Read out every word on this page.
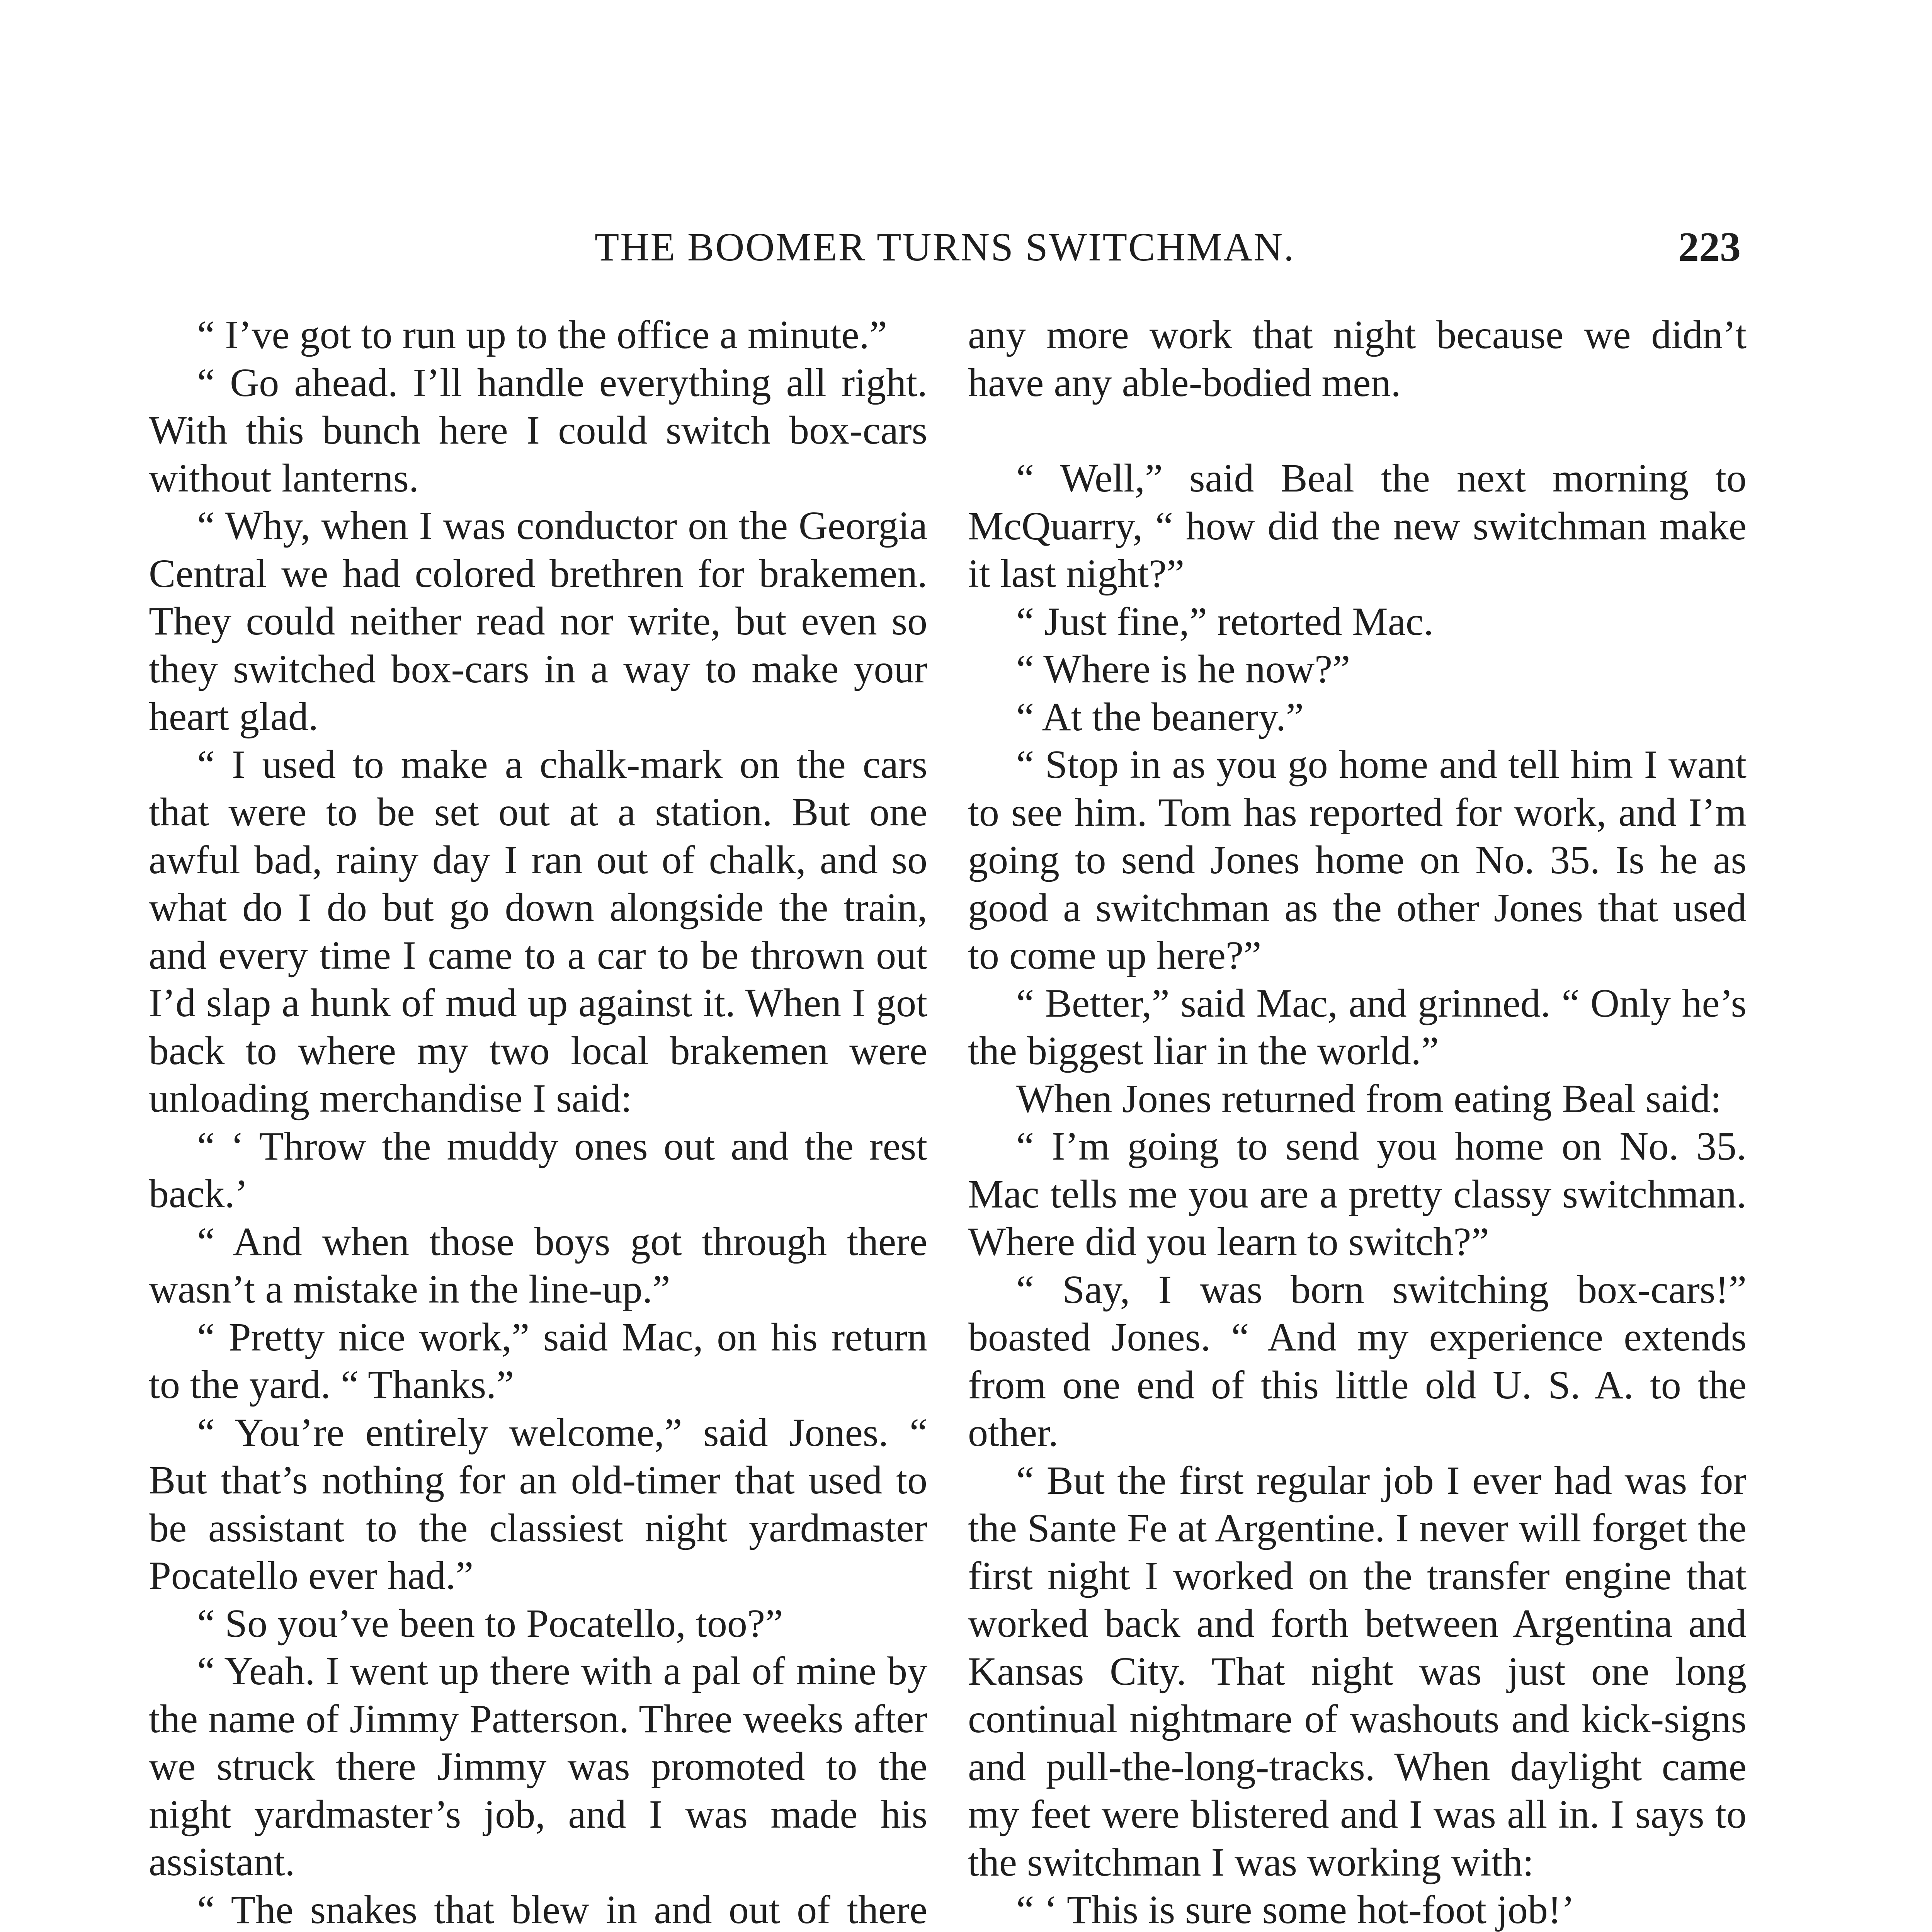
THE BOOMER TURNS SWITCHMAN.	223

“ I’ve got to run up to the office a minute.”

“ Go ahead. I’ll handle everything all right. With this bunch here I could switch box-cars without lanterns.

“ Why, when I was conductor on the Georgia Central we had colored brethren for brakemen. They could neither read nor write, but even so they switched box-cars in a way to make your heart glad.

“ I used to make a chalk-mark on the cars that were to be set out at a station. But one awful bad, rainy day I ran out of chalk, and so what do I do but go down alongside the train, and every time I came to a car to be thrown out I’d slap a hunk of mud up against it. When I got back to where my two local brakemen were unloading merchandise I said:

“ ‘ Throw the muddy ones out and the rest back.’

“ And when those boys got through there wasn’t a mistake in the line-up.”

“ Pretty nice work,” said Mac, on his return to the yard. “ Thanks.”

“ You’re entirely welcome,” said Jones. “ But that’s nothing for an old-timer that used to be assistant to the classiest night yardmaster Pocatello ever had.”

“ So you’ve been to Pocatello, too?”

“ Yeah. I went up there with a pal of mine by the name of Jimmy Patterson. Three weeks after we struck there Jimmy was promoted to the night yardmaster’s job, and I was made his assistant.

“ The snakes that blew in and out of there

any more work that night because we didn’t have any able-bodied men.

“ Well,” said Beal the next morning to McQuarry, “ how did the new switchman make it last night?”

“ Just fine,” retorted Mac.

“ Where is he now?”

“ At the beanery.”

“ Stop in as you go home and tell him I want to see him. Tom has reported for work, and I’m going to send Jones home on No. 35. Is he as good a switchman as the other Jones that used to come up here?”

“ Better,” said Mac, and grinned. “ Only he’s the biggest liar in the world.”

When Jones returned from eating Beal said:

“ I’m going to send you home on No. 35. Mac tells me you are a pretty classy switchman. Where did you learn to switch?”

“ Say, I was born switching box-cars!” boasted Jones. “ And my experience extends from one end of this little old U. S. A. to the other.

“ But the first regular job I ever had was for the Sante Fe at Argentine. I never will forget the first night I worked on the transfer engine that worked back and forth between Argentina and Kansas City. That night was just one long continual nightmare of washouts and kick-signs and pull-the-long-tracks. When daylight came my feet were blistered and I was all in. I says to the switchman I was working with:

“ ‘ This is sure some hot-foot job!’
